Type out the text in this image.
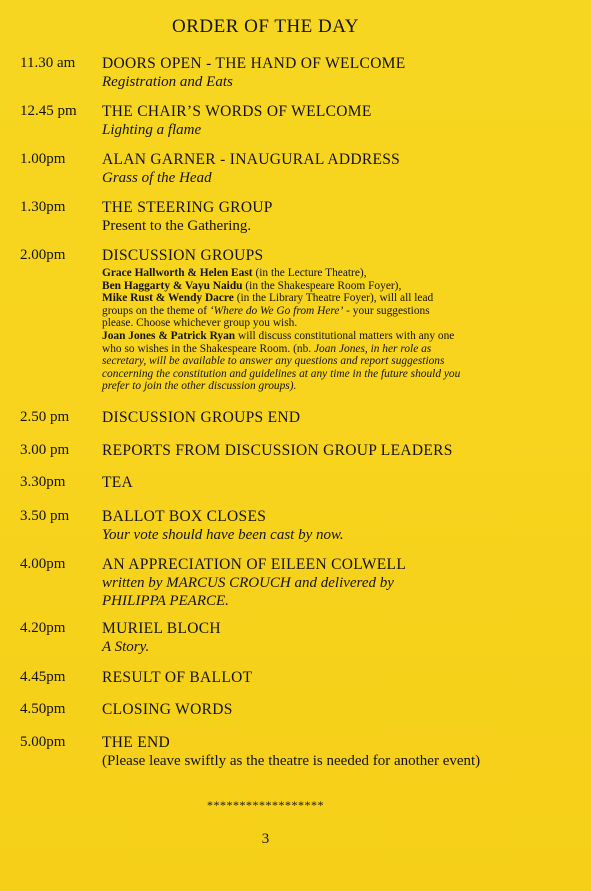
ORDER OF THE DAY
11.30 am	DOORS OPEN - THE HAND OF WELCOME
Registration and Eats
12.45 pm	THE CHAIR’S WORDS OF WELCOME
Lighting a flame
1.00pm	ALAN GARNER - INAUGURAL ADDRESS
Grass of the Head
1.30pm	THE STEERING GROUP
Present to the Gathering.
2.00pm	DISCUSSION GROUPS
Grace Hallworth & Helen East (in the Lecture Theatre),
Ben Haggarty & Vayu Naidu (in the Shakespeare Room Foyer),
Mike Rust & Wendy Dacre (in the Library Theatre Foyer), will all lead
groups on the theme of ‘Where do We Go from Here’ - your suggestions
please. Choose whichever group you wish.
Joan Jones & Patrick Ryan will discuss constitutional matters with any one
who so wishes in the Shakespeare Room. (nb. Joan Jones, in her role as
secretary, will be available to answer any questions and report suggestions
concerning the constitution and guidelines at any time in the future should you
prefer to join the other discussion groups).
2.50 pm	DISCUSSION GROUPS END
3.00 pm	REPORTS FROM DISCUSSION GROUP LEADERS
3.30pm	TEA
3.50 pm	BALLOT BOX CLOSES
Your vote should have been cast by now.
4.00pm	AN APPRECIATION OF EILEEN COLWELL
written by MARCUS CROUCH and delivered by
PHILIPPA PEARCE.
4.20pm	MURIEL BLOCH
A Story.
4.45pm	RESULT OF BALLOT
4.50pm	CLOSING WORDS
5.00pm	THE END
(Please leave swiftly as the theatre is needed for another event)
******************
3
